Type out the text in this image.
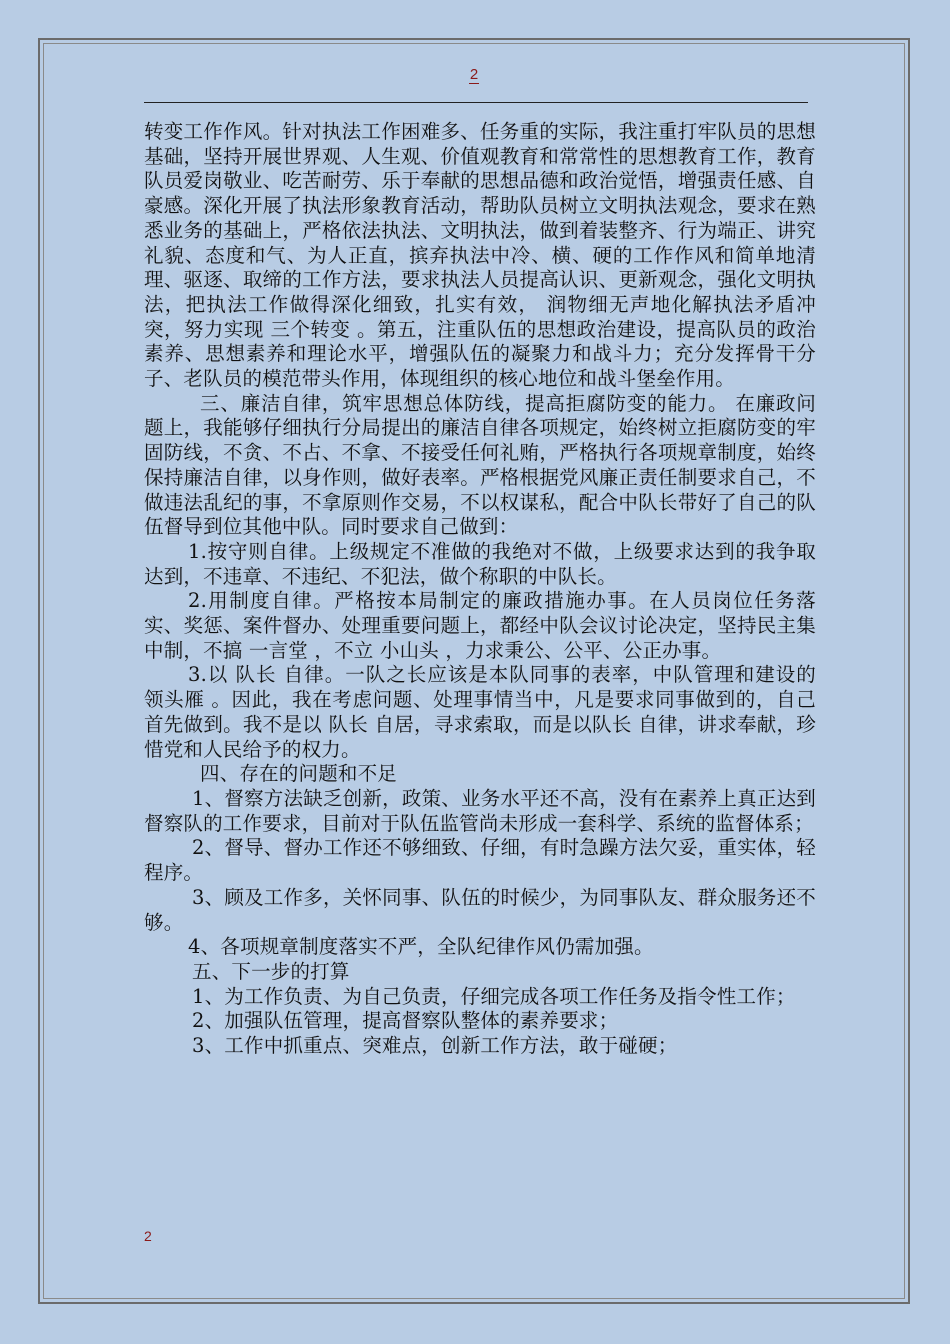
2

转变工作作风。针对执法工作困难多、任务重的实际，我注重打牢队员的思想基础，坚持开展世界观、人生观、价值观教育和常常性的思想教育工作，教育队员爱岗敬业、吃苦耐劳、乐于奉献的思想品德和政治觉悟，增强责任感、自豪感。深化开展了执法形象教育活动，帮助队员树立文明执法观念，要求在熟悉业务的基础上，严格依法执法、文明执法，做到着装整齐、行为端正、讲究礼貌、态度和气、为人正直，摈弃执法中冷、横、硬的工作作风和简单地清理、驱逐、取缔的工作方法，要求执法人员提高认识、更新观念，强化文明执法，把执法工作做得深化细致，扎实有效， 润物细无声地化解执法矛盾冲突，努力实现 三个转变 。第五，注重队伍的思想政治建设，提高队员的政治素养、思想素养和理论水平，增强队伍的凝聚力和战斗力；充分发挥骨干分子、老队员的模范带头作用，体现组织的核心地位和战斗堡垒作用。

三、廉洁自律，筑牢思想总体防线，提高拒腐防变的能力。 在廉政问题上，我能够仔细执行分局提出的廉洁自律各项规定，始终树立拒腐防变的牢固防线，不贪、不占、不拿、不接受任何礼贿，严格执行各项规章制度，始终保持廉洁自律，以身作则，做好表率。严格根据党风廉正责任制要求自己，不做违法乱纪的事，不拿原则作交易，不以权谋私，配合中队长带好了自己的队伍督导到位其他中队。同时要求自己做到：

1.按守则自律。上级规定不准做的我绝对不做，上级要求达到的我争取达到，不违章、不违纪、不犯法，做个称职的中队长。

2.用制度自律。严格按本局制定的廉政措施办事。在人员岗位任务落实、奖惩、案件督办、处理重要问题上，都经中队会议讨论决定，坚持民主集中制，不搞 一言堂 ，不立 小山头 ，力求秉公、公平、公正办事。

3.以 队长 自律。一队之长应该是本队同事的表率，中队管理和建设的 领头雁 。因此，我在考虑问题、处理事情当中，凡是要求同事做到的，自己首先做到。我不是以 队长 自居，寻求索取，而是以队长 自律，讲求奉献，珍惜党和人民给予的权力。

四、存在的问题和不足

1、督察方法缺乏创新，政策、业务水平还不高，没有在素养上真正达到督察队的工作要求，目前对于队伍监管尚未形成一套科学、系统的监督体系；

2、督导、督办工作还不够细致、仔细，有时急躁方法欠妥，重实体，轻程序。

3、顾及工作多，关怀同事、队伍的时候少，为同事队友、群众服务还不够。

4、各项规章制度落实不严，全队纪律作风仍需加强。

五、下一步的打算

1、为工作负责、为自己负责，仔细完成各项工作任务及指令性工作；

2、加强队伍管理，提高督察队整体的素养要求；

3、工作中抓重点、突难点，创新工作方法，敢于碰硬；

2
